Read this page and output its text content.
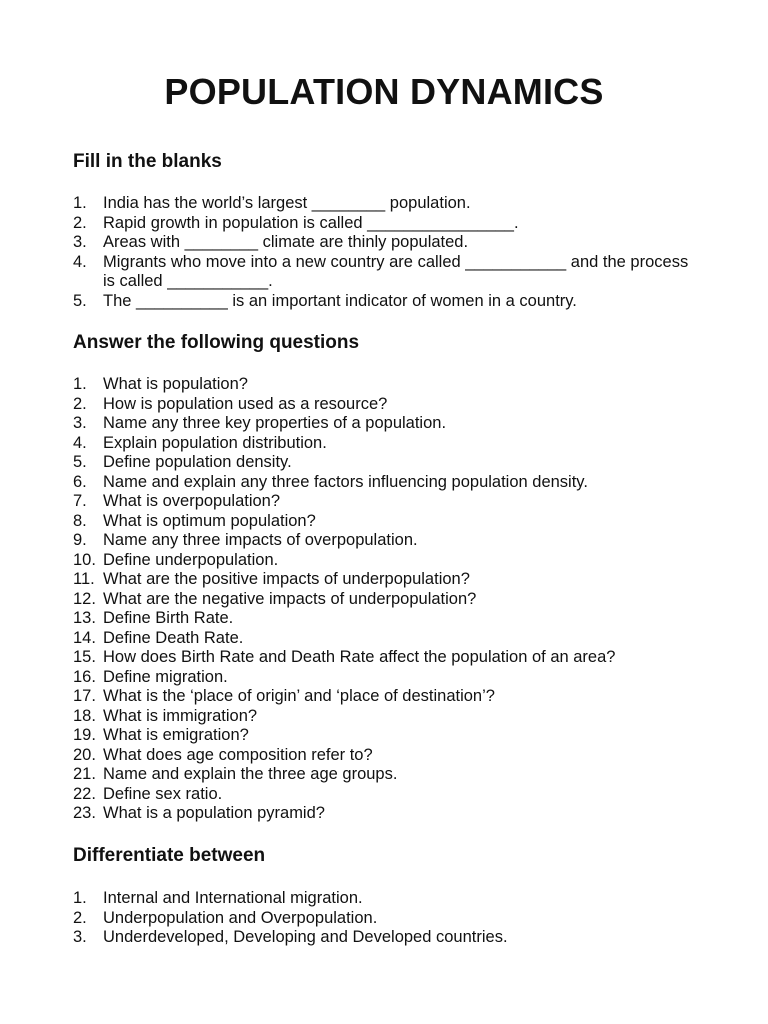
POPULATION DYNAMICS
Fill in the blanks
1. India has the world’s largest ________ population.
2. Rapid growth in population is called ________________.
3. Areas with ________ climate are thinly populated.
4. Migrants who move into a new country are called ___________ and the process is called ___________.
5. The __________ is an important indicator of women in a country.
Answer the following questions
1. What is population?
2. How is population used as a resource?
3. Name any three key properties of a population.
4. Explain population distribution.
5. Define population density.
6. Name and explain any three factors influencing population density.
7. What is overpopulation?
8. What is optimum population?
9. Name any three impacts of overpopulation.
10. Define underpopulation.
11. What are the positive impacts of underpopulation?
12. What are the negative impacts of underpopulation?
13. Define Birth Rate.
14. Define Death Rate.
15. How does Birth Rate and Death Rate affect the population of an area?
16. Define migration.
17. What is the ‘place of origin’ and ‘place of destination’?
18. What is immigration?
19. What is emigration?
20. What does age composition refer to?
21. Name and explain the three age groups.
22. Define sex ratio.
23. What is a population pyramid?
Differentiate between
1. Internal and International migration.
2. Underpopulation and Overpopulation.
3. Underdeveloped, Developing and Developed countries.
